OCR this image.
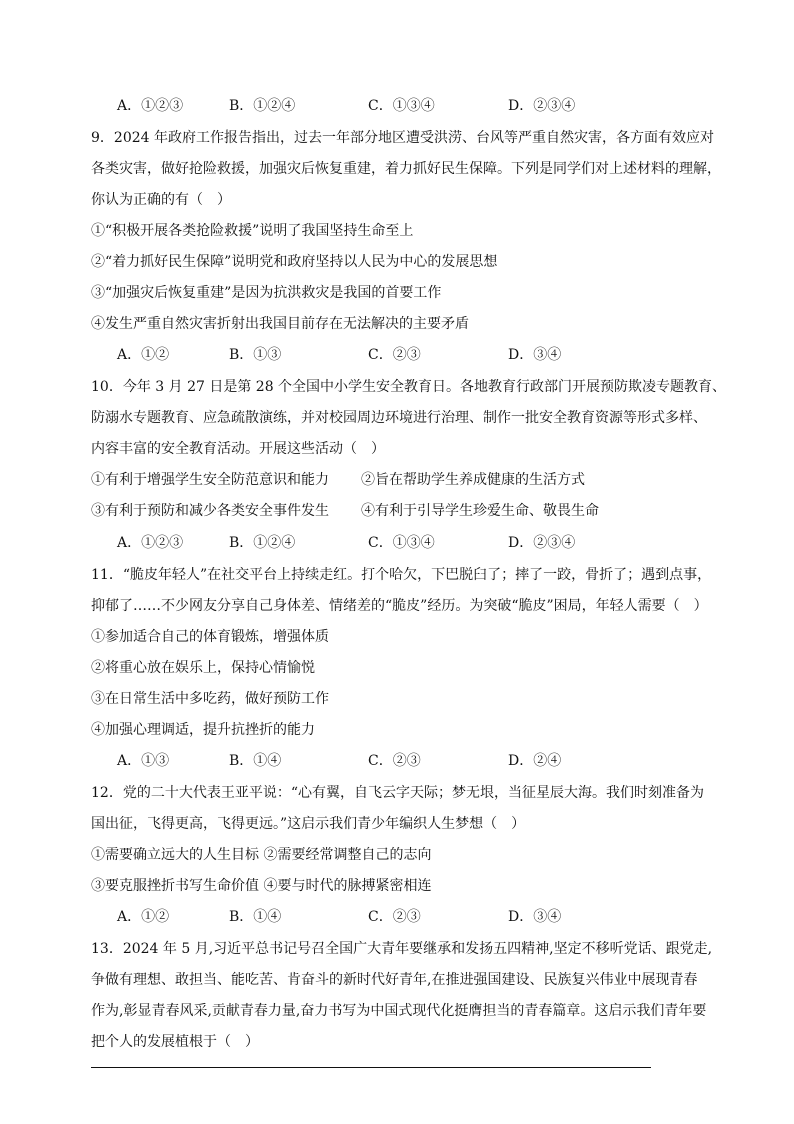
A．①②③	B．①②④	C．①③④	D．②③④
9．2024 年政府工作报告指出，过去一年部分地区遭受洪涝、台风等严重自然灾害，各方面有效应对
各类灾害，做好抢险救援，加强灾后恢复重建，着力抓好民生保障。下列是同学们对上述材料的理解，
你认为正确的有（　）
①“积极开展各类抢险救援”说明了我国坚持生命至上
②“着力抓好民生保障”说明党和政府坚持以人民为中心的发展思想
③“加强灾后恢复重建”是因为抗洪救灾是我国的首要工作
④发生严重自然灾害折射出我国目前存在无法解决的主要矛盾
A．①②	B．①③	C．②③	D．③④
10．今年 3 月 27 日是第 28 个全国中小学生安全教育日。各地教育行政部门开展预防欺凌专题教育、
防溺水专题教育、应急疏散演练，并对校园周边环境进行治理、制作一批安全教育资源等形式多样、
内容丰富的安全教育活动。开展这些活动（　）
①有利于增强学生安全防范意识和能力 ②旨在帮助学生养成健康的生活方式
③有利于预防和减少各类安全事件发生 ④有利于引导学生珍爱生命、敬畏生命
A．①②③	B．①②④	C．①③④	D．②③④
11．“脆皮年轻人”在社交平台上持续走红。打个哈欠，下巴脱臼了；摔了一跤，骨折了；遇到点事，
抑郁了……不少网友分享自己身体差、情绪差的“脆皮”经历。为突破“脆皮”困局，年轻人需要（　）
①参加适合自己的体育锻炼，增强体质
②将重心放在娱乐上，保持心情愉悦
③在日常生活中多吃药，做好预防工作
④加强心理调适，提升抗挫折的能力
A．①③	B．①④	C．②③	D．②④
12．党的二十大代表王亚平说：“心有翼，自飞云字天际；梦无垠，当征星辰大海。我们时刻准备为
国出征，飞得更高，飞得更远。”这启示我们青少年编织人生梦想（　）
①需要确立远大的人生目标 ②需要经常调整自己的志向
③要克服挫折书写生命价值 ④要与时代的脉搏紧密相连
A．①②	B．①④	C．②③	D．③④
13．2024 年 5 月,习近平总书记号召全国广大青年要继承和发扬五四精神,坚定不移听党话、跟党走,
争做有理想、敢担当、能吃苦、肯奋斗的新时代好青年,在推进强国建设、民族复兴伟业中展现青春
作为,彰显青春风采,贡献青春力量,奋力书写为中国式现代化挺膺担当的青春篇章。这启示我们青年要
把个人的发展植根于（　）
